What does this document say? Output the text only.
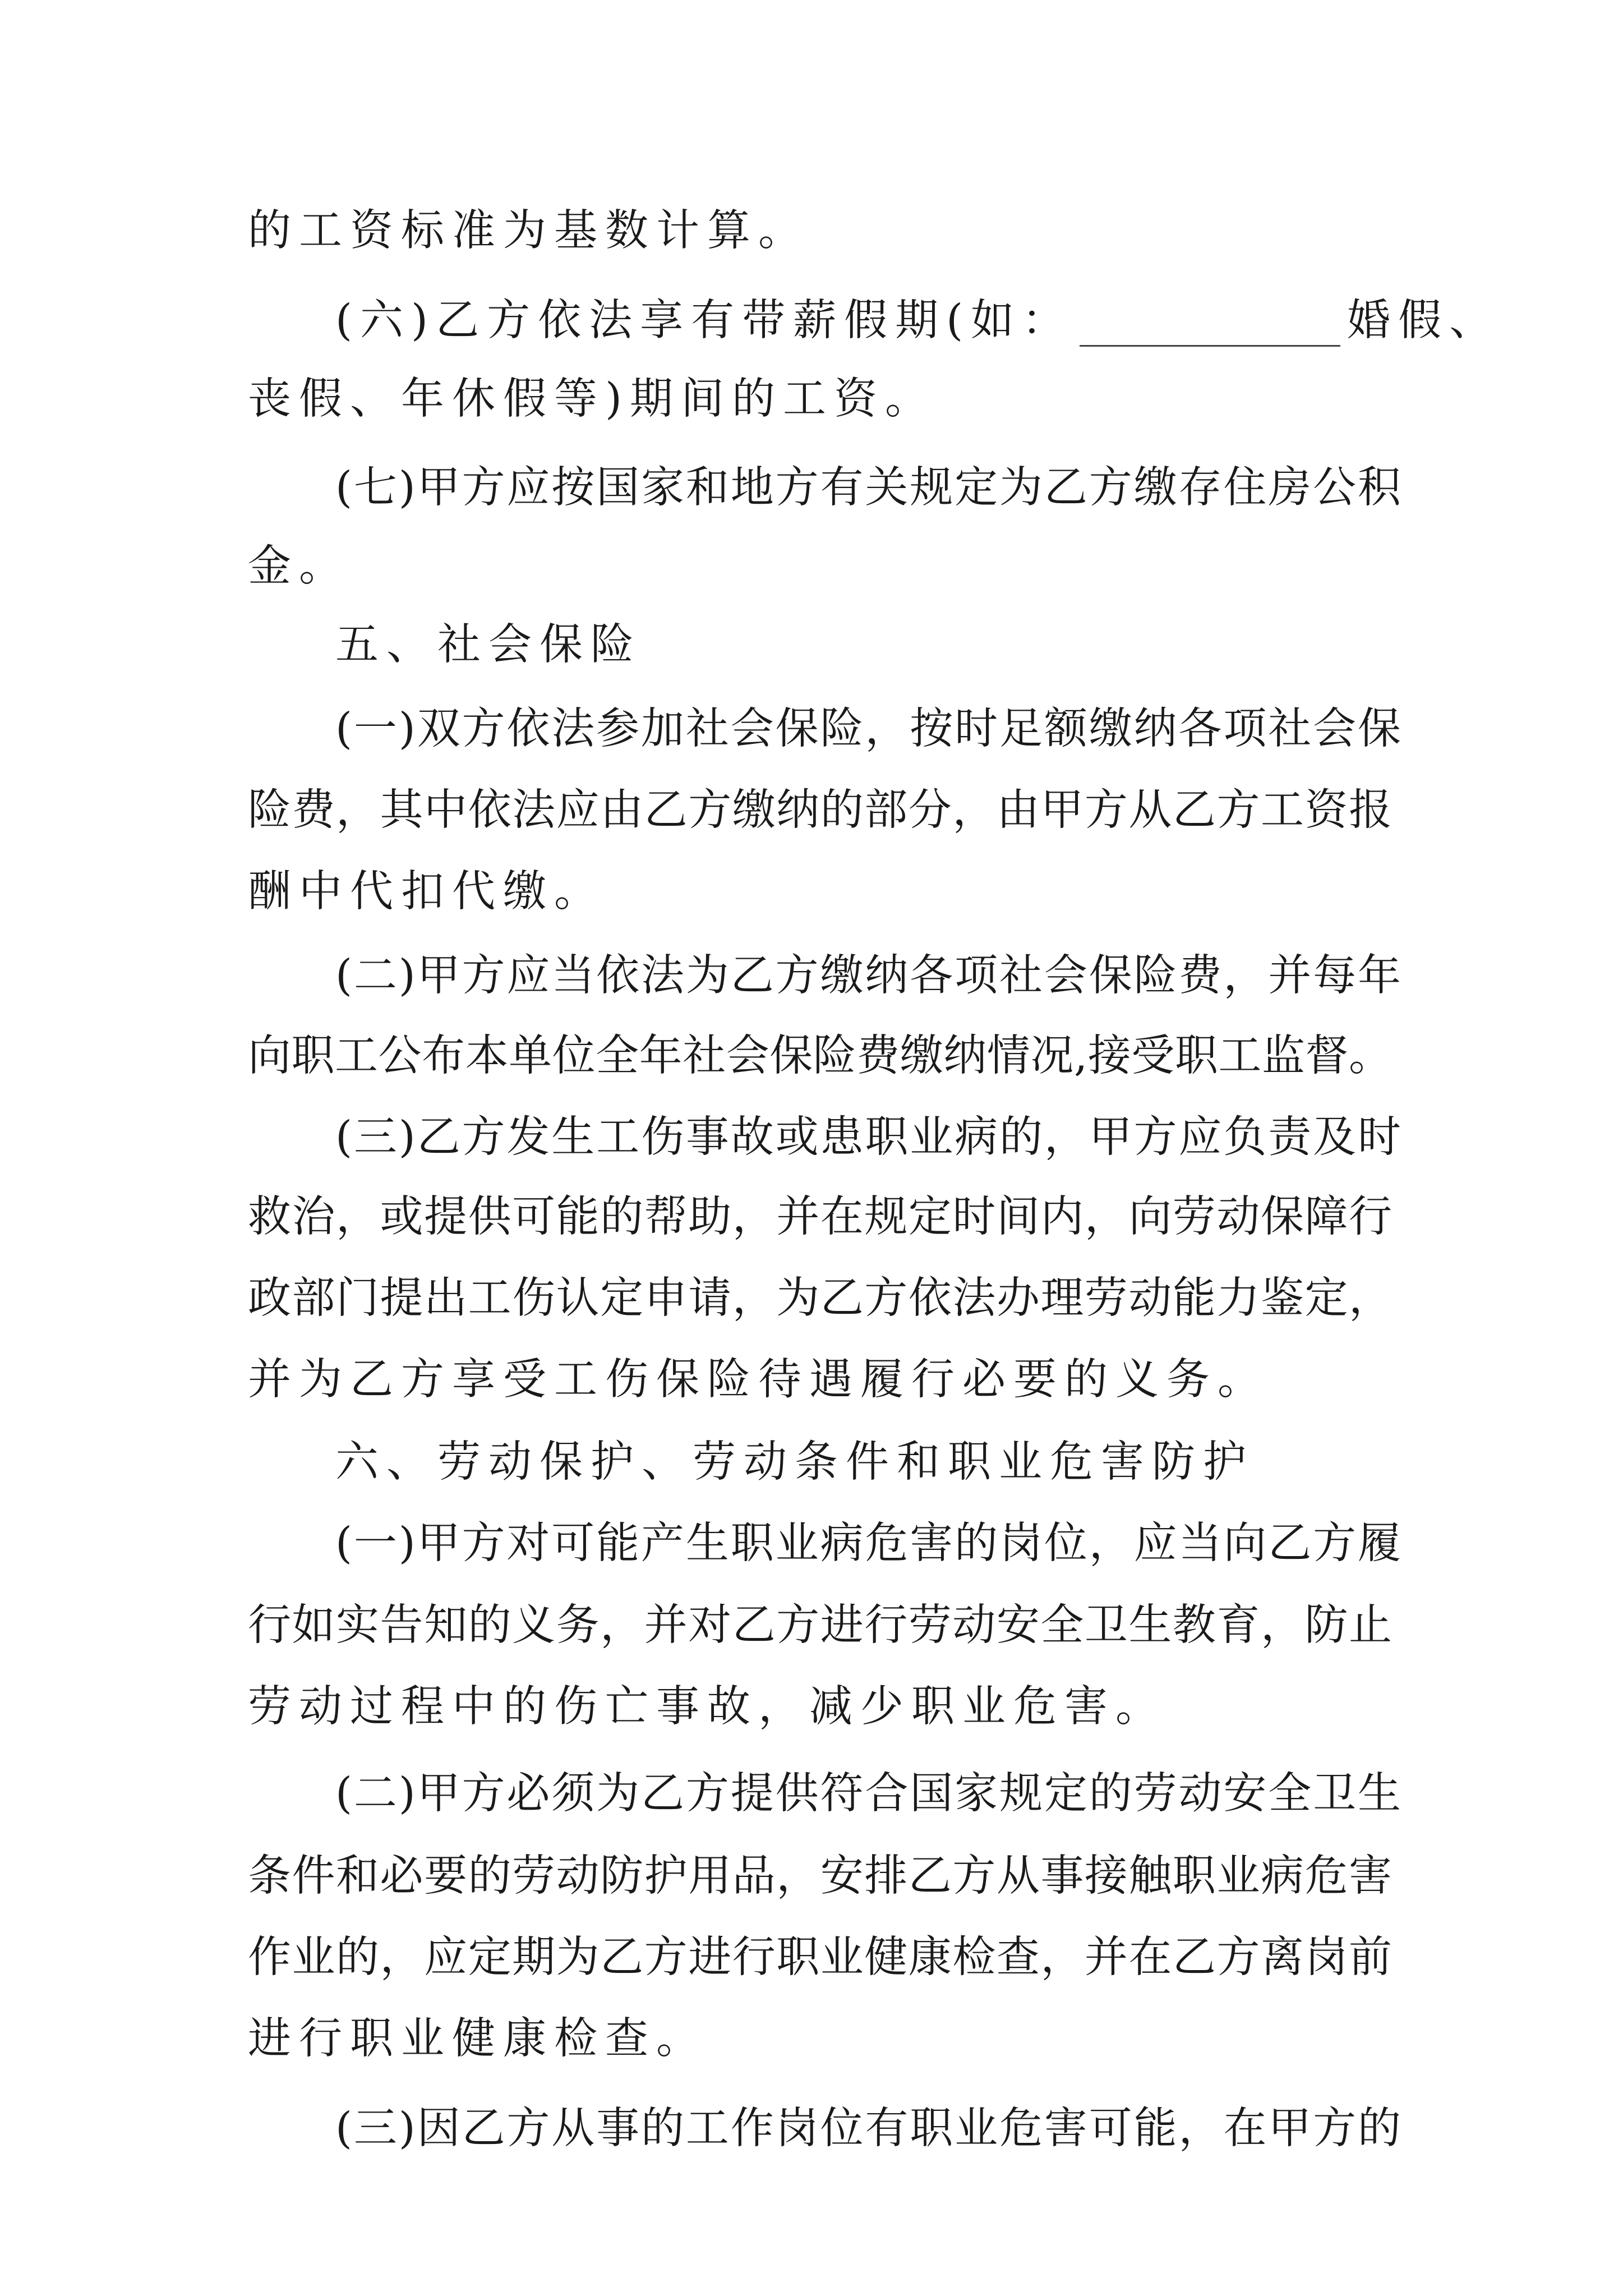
的工资标准为基数计算。
(六)乙方依法享有带薪假期(如：	婚假、
丧假、年休假等)期间的工资。
(七)甲方应按国家和地方有关规定为乙方缴存住房公积
金。
五、社会保险
(一)双方依法参加社会保险，按时足额缴纳各项社会保
险费，其中依法应由乙方缴纳的部分，由甲方从乙方工资报
酬中代扣代缴。
(二)甲方应当依法为乙方缴纳各项社会保险费，并每年
向职工公布本单位全年社会保险费缴纳情况,接受职工监督。
(三)乙方发生工伤事故或患职业病的，甲方应负责及时
救治，或提供可能的帮助，并在规定时间内，向劳动保障行
政部门提出工伤认定申请，为乙方依法办理劳动能力鉴定，
并为乙方享受工伤保险待遇履行必要的义务。
六、劳动保护、劳动条件和职业危害防护
(一)甲方对可能产生职业病危害的岗位，应当向乙方履
行如实告知的义务，并对乙方进行劳动安全卫生教育，防止
劳动过程中的伤亡事故，减少职业危害。
(二)甲方必须为乙方提供符合国家规定的劳动安全卫生
条件和必要的劳动防护用品，安排乙方从事接触职业病危害
作业的，应定期为乙方进行职业健康检查，并在乙方离岗前
进行职业健康检查。
(三)因乙方从事的工作岗位有职业危害可能，在甲方的
